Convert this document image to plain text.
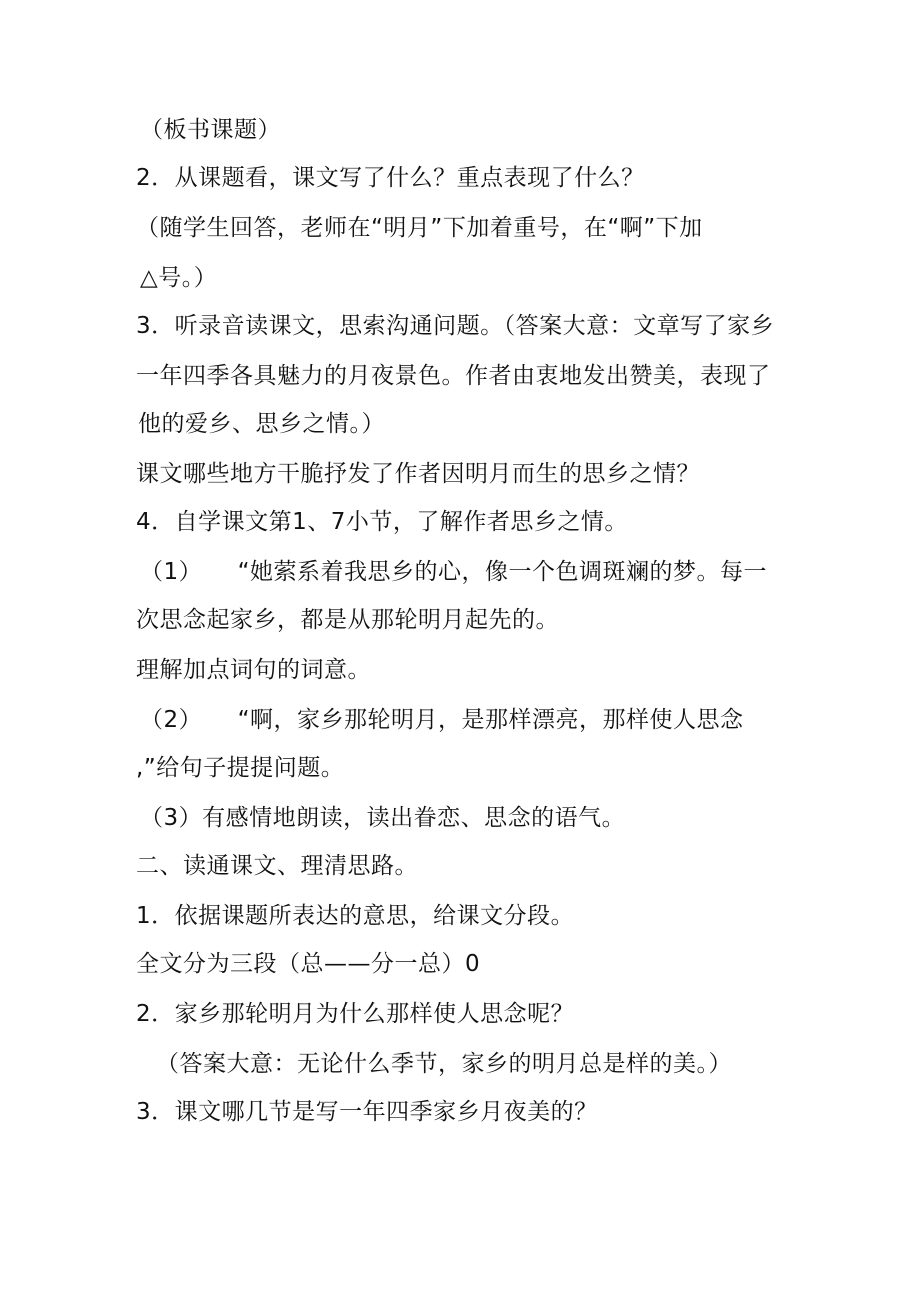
（板书课题）
2．从课题看，课文写了什么？重点表现了什么？
（随学生回答，老师在“明月”下加着重号，在“啊”下加
△号。）
3．听录音读课文，思索沟通问题。（答案大意：文章写了家乡
一年四季各具魅力的月夜景色。作者由衷地发出赞美，表现了
他的爱乡、思乡之情。）
课文哪些地方干脆抒发了作者因明月而生的思乡之情？
4．自学课文第1、7小节，了解作者思乡之情。
（1）　　“她萦系着我思乡的心，像一个色调斑斓的梦。每一
次思念起家乡，都是从那轮明月起先的。
理解加点词句的词意。
（2）　　“啊，家乡那轮明月，是那样漂亮，那样使人思念
,”给句子提提问题。
（3）有感情地朗读，读出眷恋、思念的语气。
二、读通课文、理清思路。
1．依据课题所表达的意思，给课文分段。
全文分为三段（总——分一总）0
2．家乡那轮明月为什么那样使人思念呢？
（答案大意：无论什么季节，家乡的明月总是样的美。）
3．课文哪几节是写一年四季家乡月夜美的？
